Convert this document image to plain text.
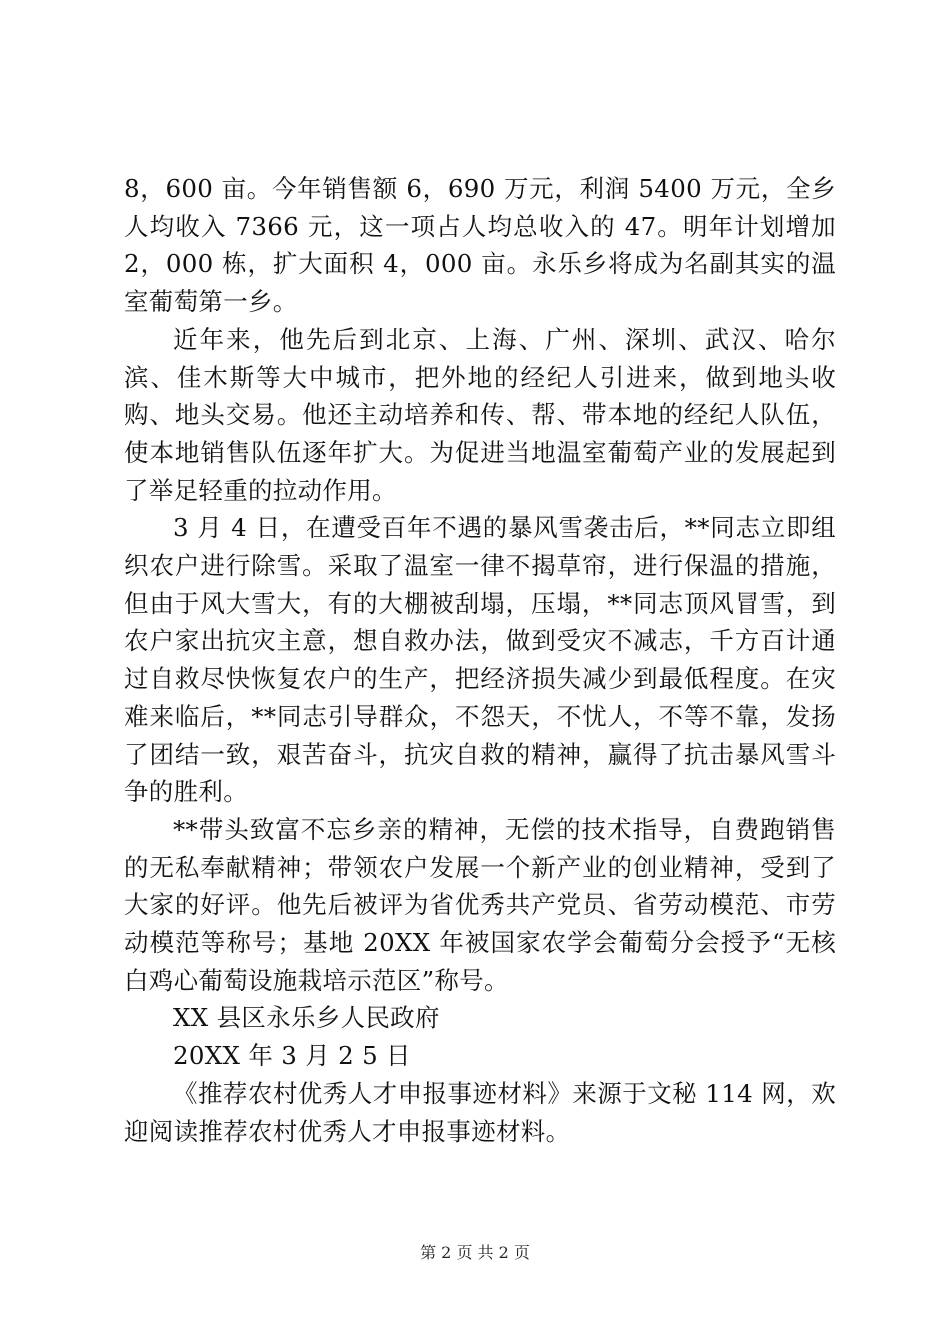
8，600 亩。今年销售额 6，690 万元，利润 5400 万元，全乡人均收入 7366 元，这一项占人均总收入的 47。明年计划增加 2，000 栋，扩大面积 4，000 亩。永乐乡将成为名副其实的温室葡萄第一乡。

近年来，他先后到北京、上海、广州、深圳、武汉、哈尔滨、佳木斯等大中城市，把外地的经纪人引进来，做到地头收购、地头交易。他还主动培养和传、帮、带本地的经纪人队伍，使本地销售队伍逐年扩大。为促进当地温室葡萄产业的发展起到了举足轻重的拉动作用。

3 月 4 日，在遭受百年不遇的暴风雪袭击后，**同志立即组织农户进行除雪。采取了温室一律不揭草帘，进行保温的措施，但由于风大雪大，有的大棚被刮塌，压塌，**同志顶风冒雪，到农户家出抗灾主意，想自救办法，做到受灾不减志，千方百计通过自救尽快恢复农户的生产，把经济损失减少到最低程度。在灾难来临后，**同志引导群众，不怨天，不忧人，不等不靠，发扬了团结一致，艰苦奋斗，抗灾自救的精神，赢得了抗击暴风雪斗争的胜利。

**带头致富不忘乡亲的精神，无偿的技术指导，自费跑销售的无私奉献精神；带领农户发展一个新产业的创业精神，受到了大家的好评。他先后被评为省优秀共产党员、省劳动模范、市劳动模范等称号；基地 20XX 年被国家农学会葡萄分会授予“无核白鸡心葡萄设施栽培示范区”称号。

XX 县区永乐乡人民政府

20XX 年 3 月 2 5 日

《推荐农村优秀人才申报事迹材料》来源于文秘 114 网，欢迎阅读推荐农村优秀人才申报事迹材料。

第 2 页 共 2 页
